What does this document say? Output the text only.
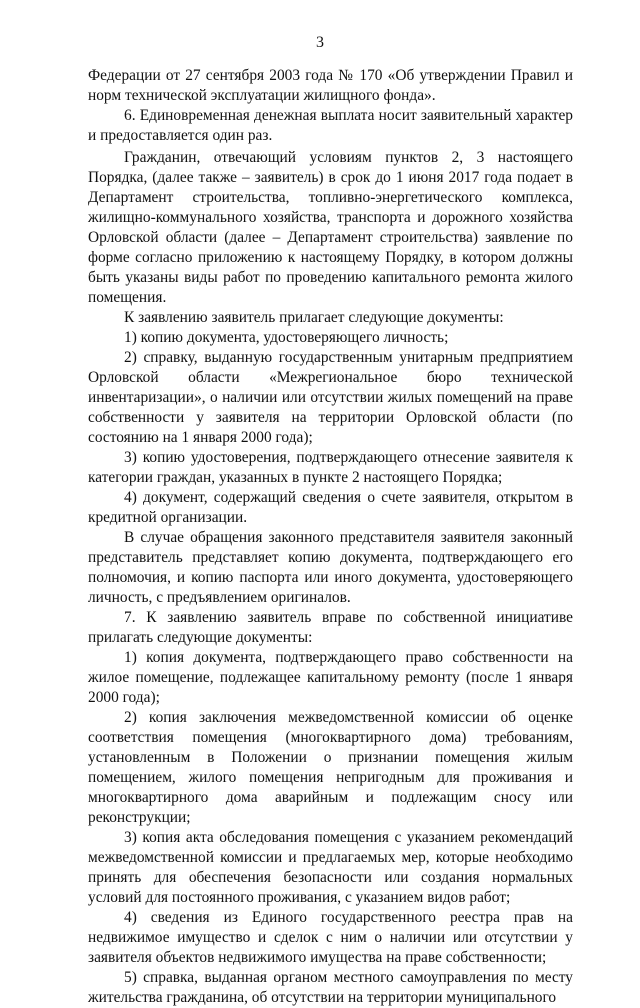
3

Федерации от 27 сентября 2003 года № 170 «Об утверждении Правил и норм технической эксплуатации жилищного фонда».

6. Единовременная денежная выплата носит заявительный характер и предоставляется один раз.

Гражданин, отвечающий условиям пунктов 2, 3 настоящего Порядка, (далее также – заявитель) в срок до 1 июня 2017 года подает в Департамент строительства, топливно-энергетического комплекса, жилищно-коммунального хозяйства, транспорта и дорожного хозяйства Орловской области (далее – Департамент строительства) заявление по форме согласно приложению к настоящему Порядку, в котором должны быть указаны виды работ по проведению капитального ремонта жилого помещения.

К заявлению заявитель прилагает следующие документы:

1) копию документа, удостоверяющего личность;

2) справку, выданную государственным унитарным предприятием Орловской области «Межрегиональное бюро технической инвентаризации», о наличии или отсутствии жилых помещений на праве собственности у заявителя на территории Орловской области (по состоянию на 1 января 2000 года);

3) копию удостоверения, подтверждающего отнесение заявителя к категории граждан, указанных в пункте 2 настоящего Порядка;

4) документ, содержащий сведения о счете заявителя, открытом в кредитной организации.

В случае обращения законного представителя заявителя законный представитель представляет копию документа, подтверждающего его полномочия, и копию паспорта или иного документа, удостоверяющего личность, с предъявлением оригиналов.

7. К заявлению заявитель вправе по собственной инициативе прилагать следующие документы:

1) копия документа, подтверждающего право собственности на жилое помещение, подлежащее капитальному ремонту (после 1 января 2000 года);

2) копия заключения межведомственной комиссии об оценке соответствия помещения (многоквартирного дома) требованиям, установленным в Положении о признании помещения жилым помещением, жилого помещения непригодным для проживания и многоквартирного дома аварийным и подлежащим сносу или реконструкции;

3) копия акта обследования помещения с указанием рекомендаций межведомственной комиссии и предлагаемых мер, которые необходимо принять для обеспечения безопасности или создания нормальных условий для постоянного проживания, с указанием видов работ;

4) сведения из Единого государственного реестра прав на недвижимое имущество и сделок с ним о наличии или отсутствии у заявителя объектов недвижимого имущества на праве собственности;

5) справка, выданная органом местного самоуправления по месту жительства гражданина, об отсутствии на территории муниципального
